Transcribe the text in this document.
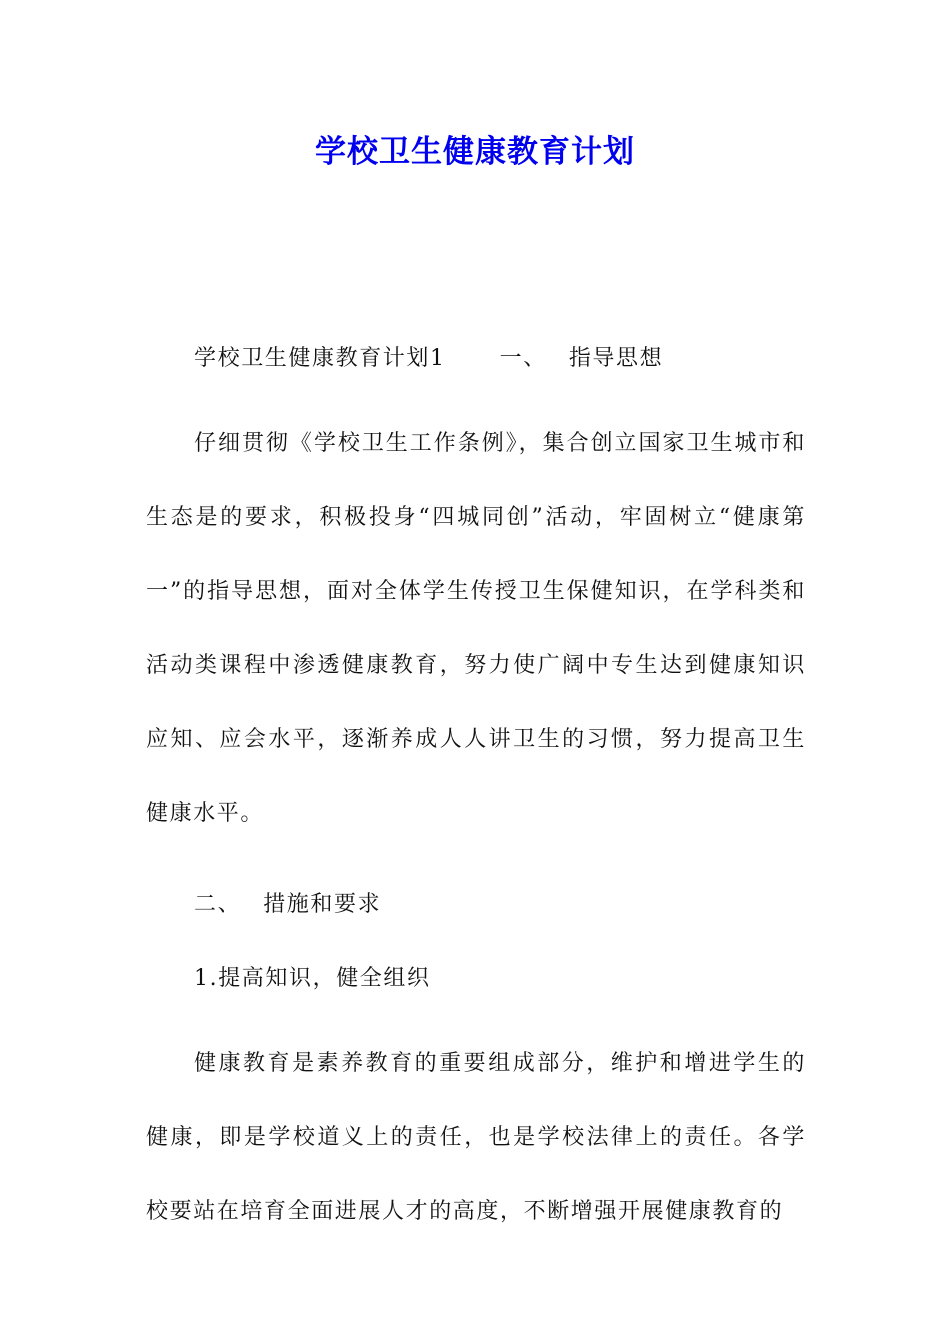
学校卫生健康教育计划

学校卫生健康教育计划1 一、 指导思想

仔细贯彻《学校卫生工作条例》，集合创立国家卫生城市和生态是的要求，积极投身“四城同创”活动，牢固树立“健康第一”的指导思想，面对全体学生传授卫生保健知识，在学科类和活动类课程中渗透健康教育，努力使广阔中专生达到健康知识应知、应会水平，逐渐养成人人讲卫生的习惯，努力提高卫生健康水平。

二、 措施和要求

1.提高知识，健全组织

健康教育是素养教育的重要组成部分，维护和增进学生的健康，即是学校道义上的责任，也是学校法律上的责任。各学校要站在培育全面进展人才的高度，不断增强开展健康教育的
